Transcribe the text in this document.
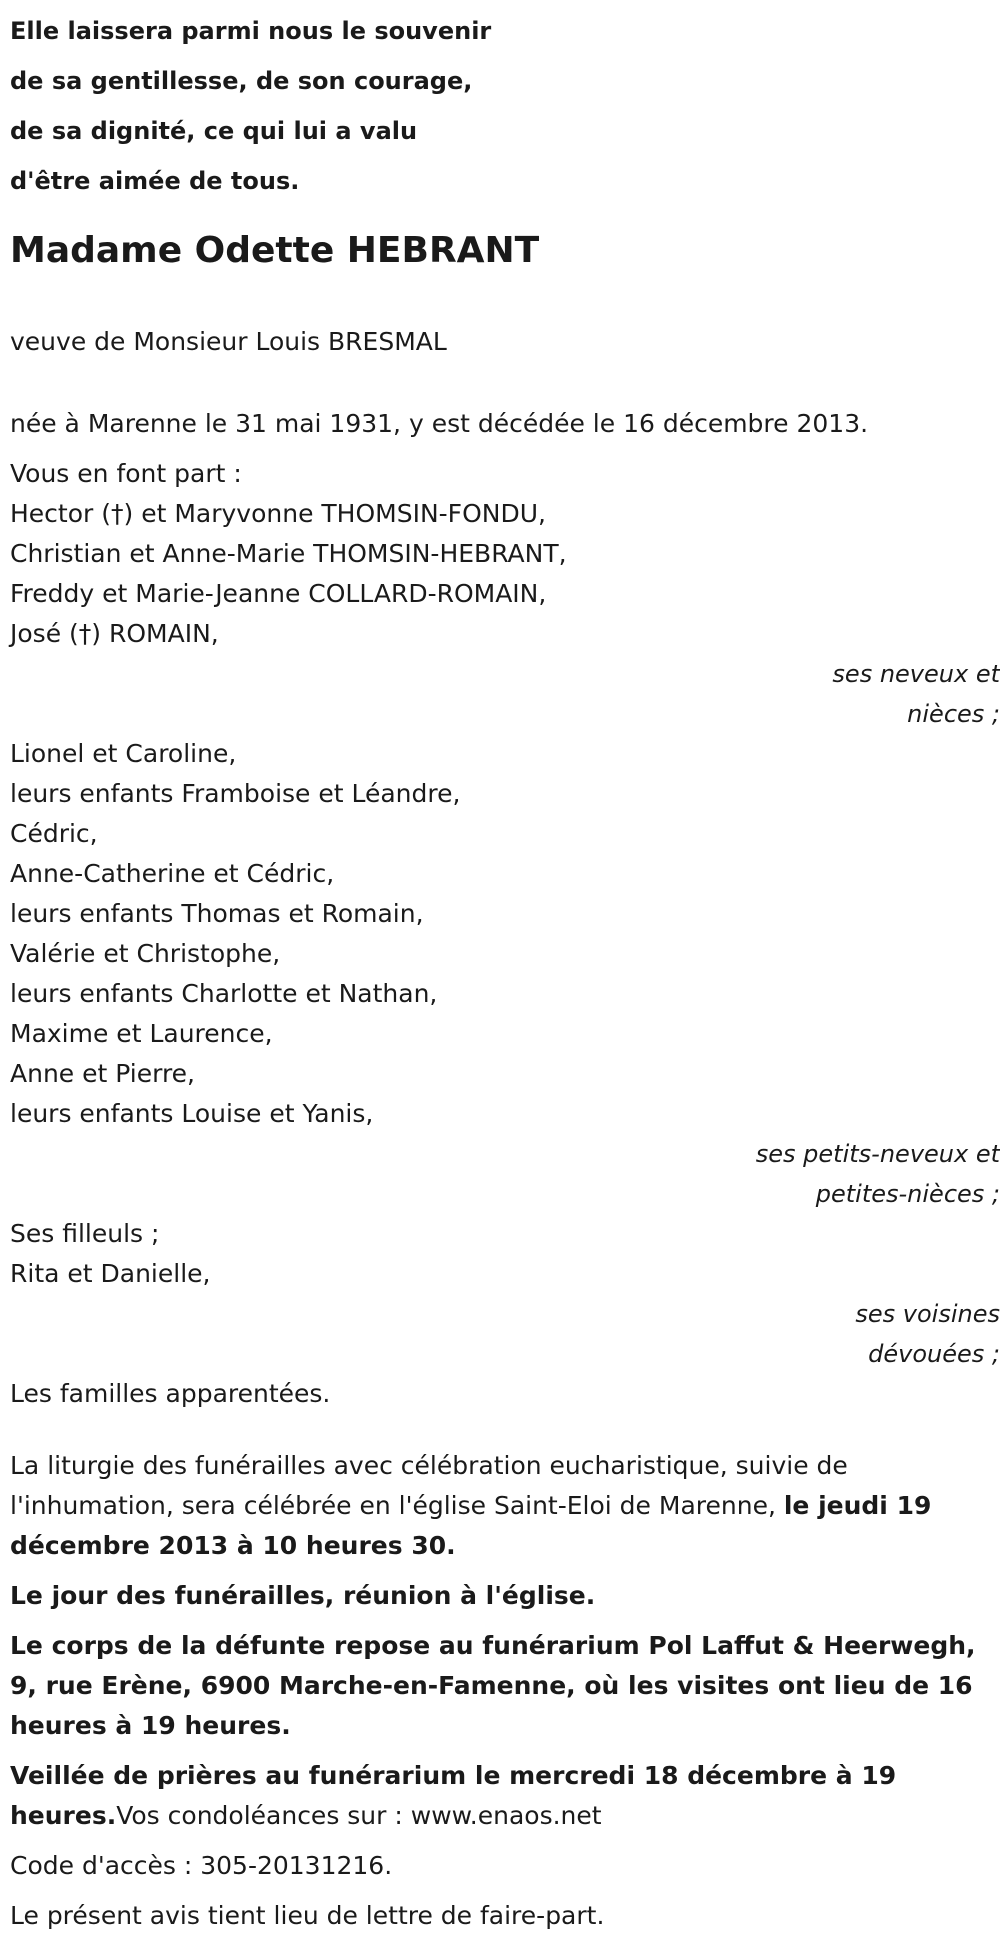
Elle laissera parmi nous le souvenir
de sa gentillesse, de son courage,
de sa dignité, ce qui lui a valu
d'être aimée de tous.
Madame Odette HEBRANT

veuve de Monsieur Louis BRESMAL

née à Marenne le 31 mai 1931, y est décédée le 16 décembre 2013.

Vous en font part :

Hector (†) et Maryvonne THOMSIN-FONDU,
Christian et Anne-Marie THOMSIN-HEBRANT,
Freddy et Marie-Jeanne COLLARD-ROMAIN,
José (†) ROMAIN,
ses neveux et
nièces ;
Lionel et Caroline,
leurs enfants Framboise et Léandre,
Cédric,
Anne-Catherine et Cédric,
leurs enfants Thomas et Romain,
Valérie et Christophe,
leurs enfants Charlotte et Nathan,
Maxime et Laurence,
Anne et Pierre,
leurs enfants Louise et Yanis,
ses petits-neveux et
petites-nièces ;
Ses filleuls ;
Rita et Danielle,
ses voisines
dévouées ;

Les familles apparentées.

La liturgie des funérailles avec célébration eucharistique, suivie de l'inhumation, sera célébrée en l'église Saint-Eloi de Marenne, le jeudi 19 décembre 2013 à 10 heures 30.

Le jour des funérailles, réunion à l'église.

Le corps de la défunte repose au funérarium Pol Laffut & Heerwegh, 9, rue Erène, 6900 Marche-en-Famenne, où les visites ont lieu de 16 heures à 19 heures.

Veillée de prières au funérarium le mercredi 18 décembre à 19 heures.Vos condoléances sur : www.enaos.net

Code d'accès : 305-20131216.

Le présent avis tient lieu de lettre de faire-part.
